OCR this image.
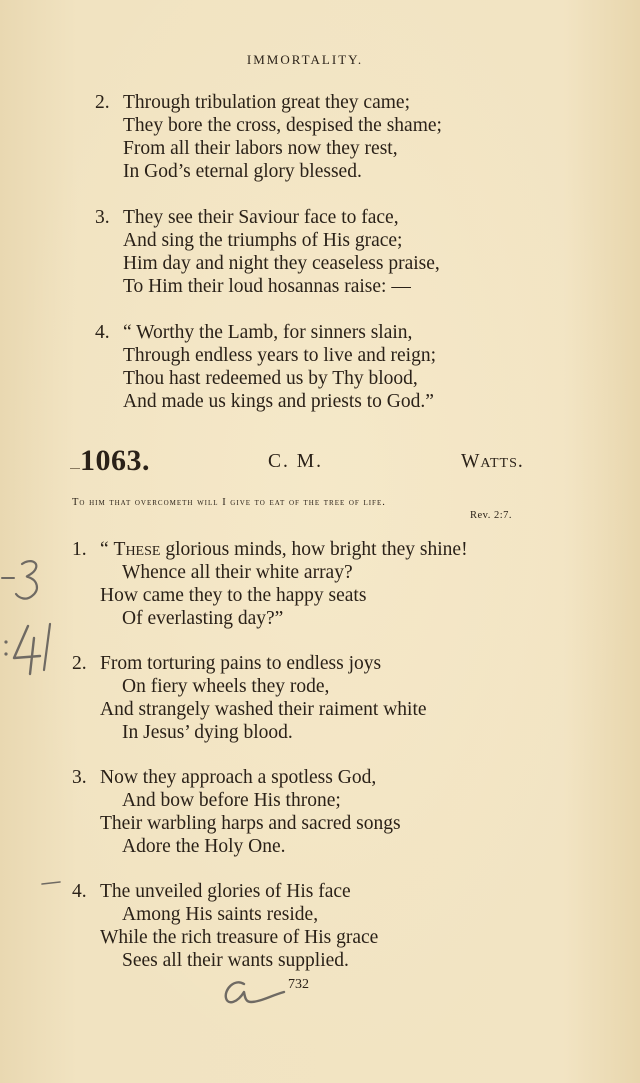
IMMORTALITY.
2. Through tribulation great they came;
They bore the cross, despised the shame;
From all their labors now they rest,
In God’s eternal glory blessed.
3. They see their Saviour face to face,
And sing the triumphs of His grace;
Him day and night they ceaseless praise,
To Him their loud hosannas raise: —
4. “ Worthy the Lamb, for sinners slain,
Through endless years to live and reign;
Thou hast redeemed us by Thy blood,
And made us kings and priests to God.”
1063.	C. M.	Watts.
To him that overcometh will I give to eat of the tree of life.
Rev. 2:7.
1. “ These glorious minds, how bright they shine!
Whence all their white array?
How came they to the happy seats
Of everlasting day?”
2. From torturing pains to endless joys
On fiery wheels they rode,
And strangely washed their raiment white
In Jesus’ dying blood.
3. Now they approach a spotless God,
And bow before His throne;
Their warbling harps and sacred songs
Adore the Holy One.
4. The unveiled glories of His face
Among His saints reside,
While the rich treasure of His grace
Sees all their wants supplied.
732
